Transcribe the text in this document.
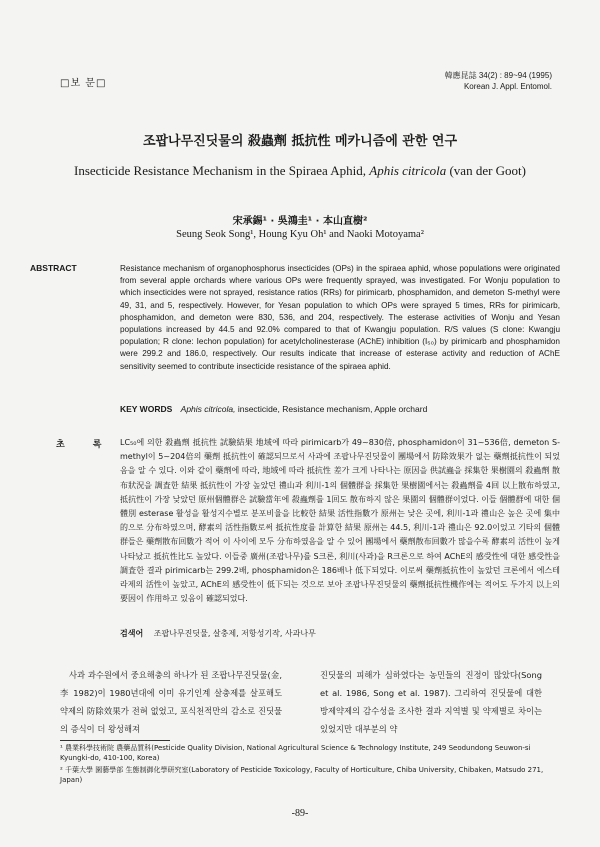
□보 문□
韓應昆誌 34(2) : 89~94 (1995)
Korean J. Appl. Entomol.
조팝나무진딧물의 殺蟲劑 抵抗性 메카니즘에 관한 연구
Insecticide Resistance Mechanism in the Spiraea Aphid, Aphis citricola (van der Goot)
宋承錫¹ · 吳鴻圭¹ · 本山直樹²
Seung Seok Song¹, Houng Kyu Oh¹ and Naoki Motoyama²
ABSTRACT	Resistance mechanism of organophosphorus insecticides (OPs) in the spiraea aphid, whose populations were originated from several apple orchards where various OPs were frequently sprayed, was investigated. For Wonju population to which insecticides were not sprayed, resistance ratios (RRs) for pirimicarb, phosphamidon, and demeton S-methyl were 49, 31, and 5, respectively. However, for Yesan population to which OPs were sprayed 5 times, RRs for pirimicarb, phosphamidon, and demeton were 830, 536, and 204, respectively. The esterase activities of Wonju and Yesan populations increased by 44.5 and 92.0% compared to that of Kwangju population. R/S values (S clone: Kwangju population; R clone: Iechon population) for acetylcholinesterase (AChE) inhibition (I₅₀) by pirimicarb and phosphamidon were 299.2 and 186.0, respectively. Our results indicate that increase of esterase activity and reduction of AChE sensitivity seemed to contribute insecticide resistance of the spiraea aphid.

KEY WORDS Aphis citricola, insecticide, Resistance mechanism, Apple orchard
초록

LC₅₀에 의한 殺蟲劑 抵抗性 試驗結果 地域에 따라 pirimicarb가 49~830倍, phosphamidon이 31~536倍, demeton S-methyl이 5~204倍의 藥劑 抵抗性이 確認되므로서 사과에 조팝나무진딧물이 團場에서 防除效果가 없는 藥劑抵抗性이 되었음을 알 수 있다. 이와 같이 藥劑에 따라, 地域에 따라 抵抗性 差가 크게 나타나는 原因을 供試蟲을 採集한 果樹園의 殺蟲劑 散布狀況을 調査한 結果 抵抗性이 가장 높았던 禮山과 利川-1의 個體群을 採集한 果樹園에서는 殺蟲劑를 4回 以上散布하였고, 抵抗性이 가장 낮았던 原州個體群은 試驗當年에 殺蟲劑를 1回도 散布하지 않은 果園의 個體群이었다. 이들 個體群에 대한 個體別 esterase 활성을 활성지수별로 분포비율을 比較한 結果 活性指數가 原州는 낮은 곳에, 利川-1과 禮山은 높은 곳에 集中的으로 分布하였으며, 酵素의 活性指數로써 抵抗性度를 計算한 結果 原州는 44.5, 利川-1과 禮山은 92.0이었고 기타의 個體群들은 藥劑散布回數가 적어 이 사이에 모두 分布하였음을 알 수 있어 團場에서 藥劑散布回數가 많을수록 酵素의 活性이 높게 나타났고 抵抗性比도 높았다. 이들중 廣州(조팝나무)를 S크론, 利川(사과)을 R크론으로 하여 AChE의 感受性에 대한 感受性을 調査한 결과 pirimicarb는 299.2배, phosphamidon은 186배나 低下되었다. 이로써 藥劑抵抗性이 높았던 크론에서 에스테라제의 活性이 높았고, AChE의 感受性이 低下되는 것으로 보아 조팝나무진딧물의 藥劑抵抗性機作에는 적어도 두가지 以上의 要因이 作用하고 있음이 確認되었다.

검색어 조팝나무진딧물, 살충제, 저항성기작, 사과나무

사과 과수원에서 중요해충의 하나가 된 조팝나무진딧물(金, 李 1982)이 1980년대에 이미 유기인계 살충제를 살포해도 약제의 防除效果가 전혀 없었고, 포식천적만의 감소로 진딧물의 증식이 더 왕성해져

진딧물의 피해가 심하였다는 농민들의 진정이 많았다(Song et al. 1986, Song et al. 1987). 그리하여 진딧물에 대한 방제약제의 감수성을 조사한 결과 지역별 및 약제별로 차이는 있었지만 대부분의 약

¹ 農業科學技術院 農藥品質科(Pesticide Quality Division, National Agricultural Science & Technology Institute, 249 Seodundong Seuwon-si Kyungki-do, 410-100, Korea)
² 千葉大學 園藝學部 生態制御化學研究室(Laboratory of Pesticide Toxicology, Faculty of Horticulture, Chiba University, Chibaken, Matsudo 271, Japan)
-89-
